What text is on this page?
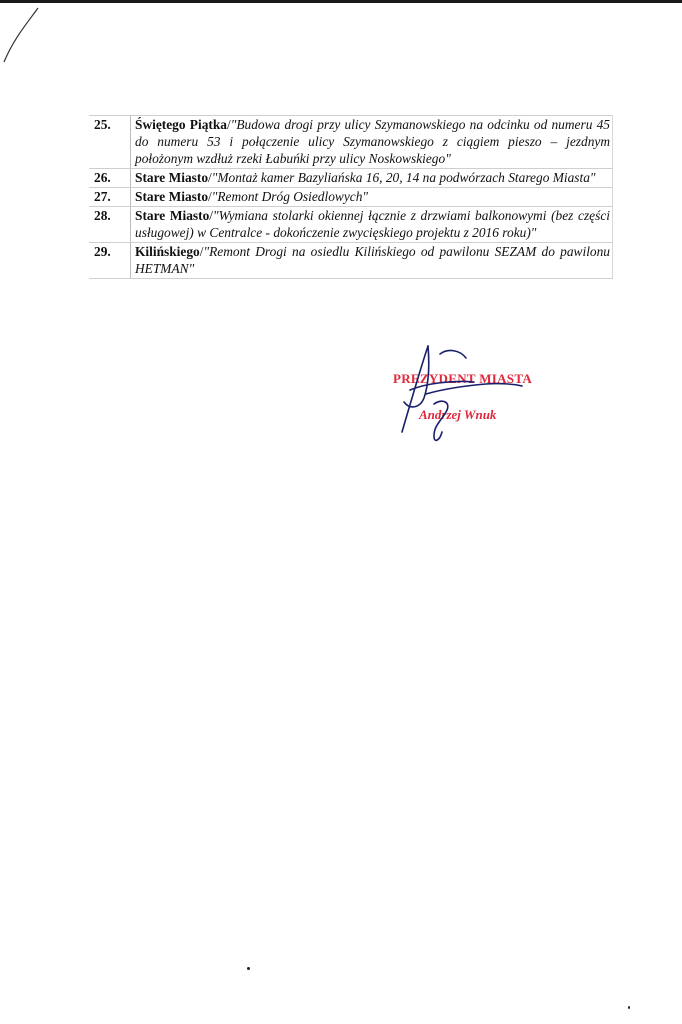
25.	Świętego Piątka/"Budowa drogi przy ulicy Szymanowskiego na odcinku od numeru 45 do numeru 53 i połączenie ulicy Szymanowskiego z ciągiem pieszo – jezdnym położonym wzdłuż rzeki Łabuńki przy ulicy Noskowskiego"
26.	Stare Miasto/"Montaż kamer Bazyliańska 16, 20, 14 na podwórzach Starego Miasta"
27.	Stare Miasto/"Remont Dróg Osiedlowych"
28.	Stare Miasto/"Wymiana stolarki okiennej łącznie z drzwiami balkonowymi (bez części usługowej) w Centralce - dokończenie zwycięskiego projektu z 2016 roku)"
29.	Kilińskiego/"Remont Drogi na osiedlu Kilińskiego od pawilonu SEZAM do pawilonu HETMAN"
PREZYDENT MIASTA
Andrzej Wnuk
